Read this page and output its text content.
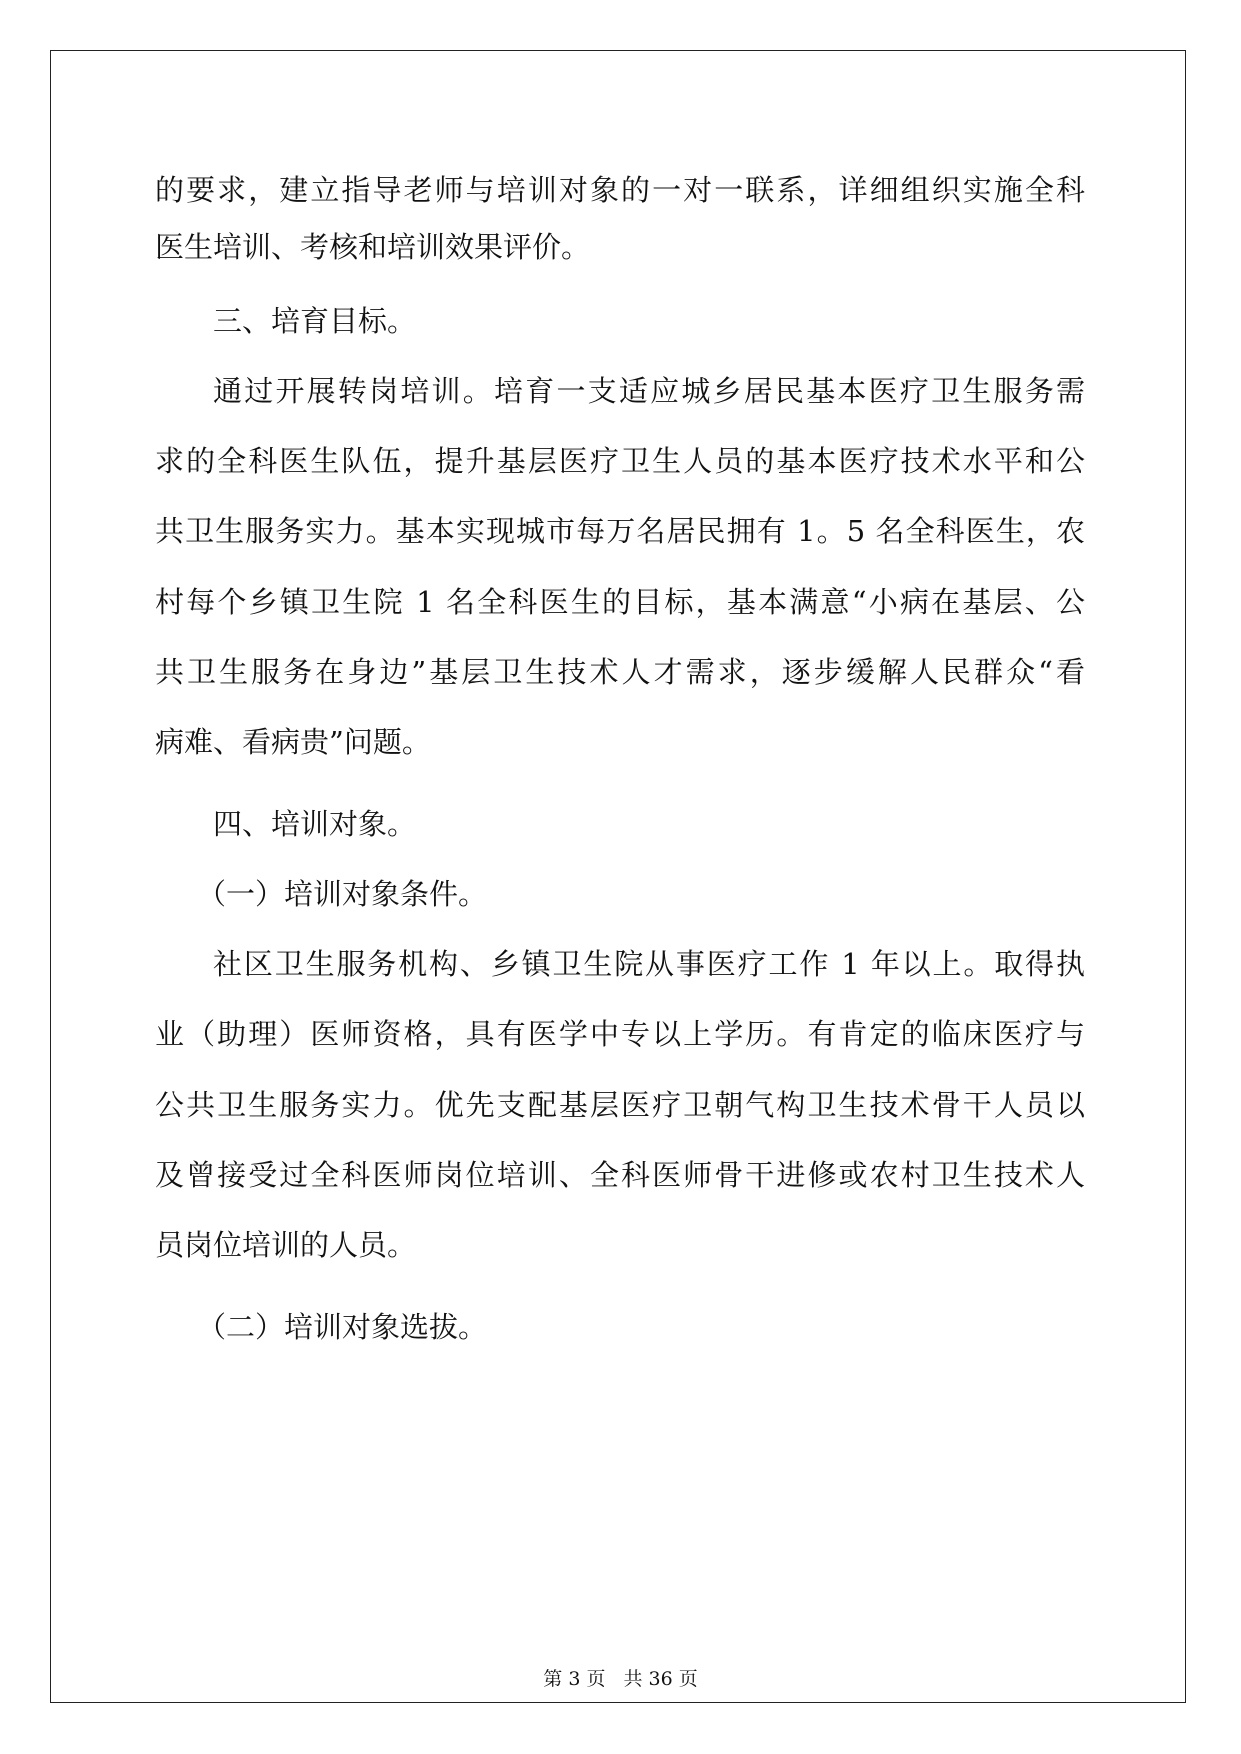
的要求，建立指导老师与培训对象的一对一联系，详细组织实施全科
医生培训、考核和培训效果评价。
三、培育目标。
通过开展转岗培训。培育一支适应城乡居民基本医疗卫生服务需
求的全科医生队伍，提升基层医疗卫生人员的基本医疗技术水平和公
共卫生服务实力。基本实现城市每万名居民拥有 1。5 名全科医生，农
村每个乡镇卫生院 1 名全科医生的目标，基本满意“小病在基层、公
共卫生服务在身边”基层卫生技术人才需求，逐步缓解人民群众“看
病难、看病贵”问题。
四、培训对象。
（一）培训对象条件。
社区卫生服务机构、乡镇卫生院从事医疗工作 1 年以上。取得执
业（助理）医师资格，具有医学中专以上学历。有肯定的临床医疗与
公共卫生服务实力。优先支配基层医疗卫朝气构卫生技术骨干人员以
及曾接受过全科医师岗位培训、全科医师骨干进修或农村卫生技术人
员岗位培训的人员。
（二）培训对象选拔。
第 3 页 共 36 页
